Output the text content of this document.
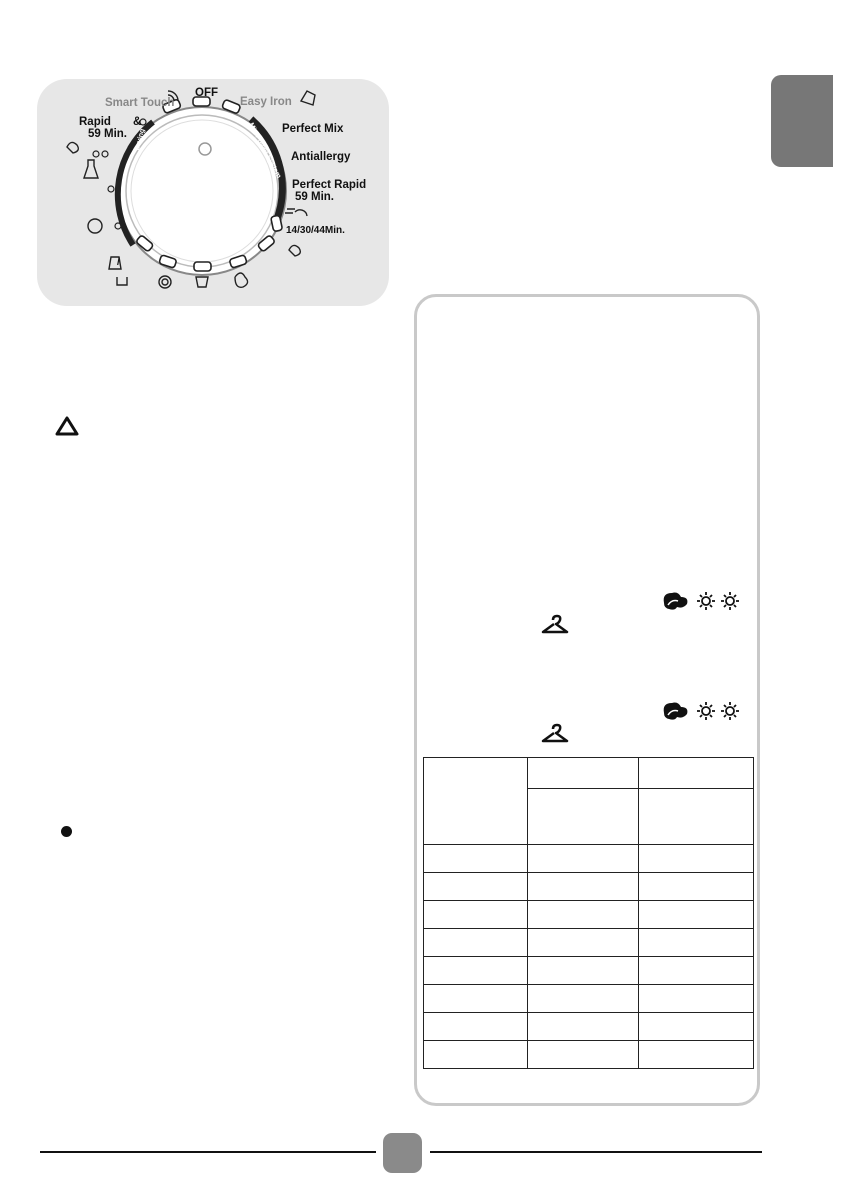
Smart Touch
OFF
Easy Iron
Perfect Mix
Antiallergy
Perfect Rapid
59 Min.
Rapid &
59 Min.
14/30/44Min.
/
Drying	Mix Power System
